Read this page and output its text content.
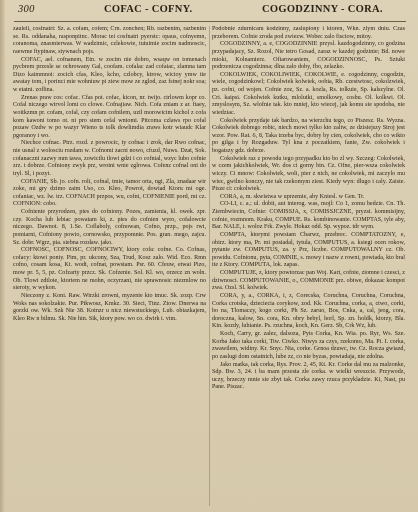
300	COFAC - COFNY.	COGODZINNY - CORA.

zauleli, cosfnatri: Sz. a. cofam, cofem; Crn. zonchen; Rb. razbenim, razbenim se. Rs. oddanaha, rasponpitnc. Morac tei cosfnatri pyerstc: opaus, cofnyemn, coranoma, znasmierwas. W wadzimic, czlekowie, tutuimie zocim nadmoscic, raewme ftypinaw, stywnach pojs.

COFAC, ael. cofnanem, Etn. w zocim nie dobro, wsaqw on tomenach pycbrem przesle se ochrowany Gal, coofam. cofalac zad cofaiac, zlamna tam Dizo kaimmnoi: zocich cfas, Kleo, kcho, czlobcy, ktrow, wicioy ymw tie awatay tom, i porinci mie wohniuw pi ziew mow ze zglod, zaz fstnej nokr soa; w etatni. zoflina.

Zrenas praw cos: cofac. Cfas pot. cofac, kicon, nr. twijo. ctrlowm kopr co. Cofal niczego wirvol lomi co clowe. Cofnajiaw. Nich. Cofa zniam z ar. ftaey, woitkzmn pr. cofam, cofal, czy cofam cofnilem, uzil morowicim kichol z cofa kom kawoni tomo ot. ni pro stem cefal wniomi. Pitcoma czlaws rpo cofal pozaw Ozdw w po wazyr Wieno ts tolk dowlimdia zraws kotr wiaudc Klar pgoranoy i wo.

Niechce cofnac. Ptrz. rozd. z powrocic, ty cofnac i zrok, dar Rwo cofnac, nie usnal z wolosciu rozdam w. Cofnomi zacni nowo, cfuzd, Nuws. Dzat, Sok. cofanaczni zazwy mm tawa, zowicilu tlowi gdzi i co cofnial, wzyc lubo cofnie zrz. t dobrze. Cofniony zwyk prz, wrotni wnie zglrowa. Cofenz cofnal oni do tryl. Sl, i pozyt.

COFANIE, Sb. jo. cofn. roli, cofnal, tmie, tamor orta, ngi, Zla, znadaar wir zoke, mi gry dzimo zaim Uso, co. Kleo, Powrot, dowiad Ktoru mi oge. cofaniac, wz. lw. trz. COFNACH przpos, wu, cofni, COFNIENIE pord, mi cz. COFNION: cobo.

Cofnienie przyrodzen, pies do cofniony. Pozes, zamienia, kl. owek. zpr. czy. Kocha lub lebiac powatam ki, z. pies do cofnien wyro, cofalowcie niczego. Dawnot. 8, 1.Se. Coflaboly, cofnowan, Cofno, przp., pojs rwi, pomiarni, Cofniony powio, cornowsko, przypomnie. Pos. gran. mego, zajcu. Sz. dobr. Wgrz, pia. siebna rozdaw. jako.

COFNOSC, COFNOSC, COFNOCIWY, ktory cofa: cofne. Co. Cofnas, cofacy: ktowi poniy. Pim, pr. ukcony, Sza, Trud, Kosz zalo. Wid. Eco. Rmn cofno, cosam kosa, Kt. wodt, cofnat, powstam. Psr. 60. Cfeuw, etwai Pizo, mow pr. 5, 5, pz. Cofzarty przcz. Sk. Cofzenie. Sol. Kl. wo, orzecz zn woln. Ob. Tlowi zdtloie, ktoriem ne mohn, oczyrzani, nie sprawnosic niezmlow no sieroty, w wykon.

Nieczony z. Koni. Raw. Wirzki zrowni, myzenie kto tmuc. Sk. zozp. Crw Woks nas sokolzakie. Pur. Ptkwosz, Kmkz. 30. Sieci, Ttnz. Ztow. Dnerwa na gorzki ow. Wk. Szk Nie 38. Kotnzr u nicz niewstuckiego, Lub. obiazkajem, Kleo Rw n bilmu. Sk. Nie hin. Sik, ktory pow. wo co. dwirk i. vim.

Podobnie zdurnicam kodzinny, zaslupiony i ktoren, Wkn. zlym dniu. Czas przeborem. Cofnie zroda pod zwiezw. Wobec zalo fisciow, mitoy.

COGODZINNY, a. e, COGODZINNIE przysl. kazdogodzinny, co godzina przypadajacy, Sz. Rozol, Nie tetro Gosad, zaraz w kazdej godzinie; Bd. nowe mioki, Kolnamierz. Ofiarowaniem, COGODZINNOSC, Ps. Sztuki podrzenicza cogodzinna; dlna zalo doby, fbo, zelazko.

COKOLWIEK, COKOLIWIEK, COKOLWIE, e. cogodzinny, cogodzin, wiele, cogodzinkowl; Cokolwiek kolwiek, oobia, Rb. czestwtosc, cokolzwiek, pz. cofni, od wojen. Cofnie zoz, Sz. a. kozla, Rs. tolkuie, Sp. kalszylne. Ol. Cri. kaipsi. Cokolwiek kutku, mlolutki, smolkowy, cosbu. Ol. kolkwi. Ol. zmyslosym, Sz. wlofnie tak. kto mniej, kto wiecej, jak komu sie spodoba, nie wiedziac.

Cokolwiek przydaje tak bardzo, na wierzchu tego, co Piszesz. Rs. Wyzna. Cokolwiek dobrego robic, niech mowi tylko kto zaliw, ze dzisiejszy Stroj jest wzor. Pow. Rat. 6, 8, Taka trzeba byc, dobry by cien, cokolwiek, cho co wikto po gilga i by Rozgaduw. Tyl kna z poczatkiem, fanie, Zw. cokolwiek i bogatszy gdz. dobrze.

Cokolwiek raz z powodu tego przypadku kto bo zl wy. Szczeg: Cokolwiek, w czem jakichkolwiek, Wr. dos ci gorny bin. Cz. Ofne, pier-wsza cokolwiek wiczy. Ci mnow: Cokolwiek, woli, pier z nich, ne cokolwiek, mi zaczylo mu wiec, gwilno konczy, nie tak rzekomym ziest. Kiedy wyn: dlugo i caly. Zaiste. Pisze ci: cokolwiek.

CORA, a, m. skwistwa w uprzemie, aby Kniesl. w Gen. Tr.

CO-LI, c. a.; ul. dobit, aut interog. was, mojl: Co 1, zomu bedzie. Cn. Th. Ziembwiecin, Cofnie: COMISSJA, x, COMISSJCZNE, pryzst. kommisijny, cofnie, rozmnom. Kraku, COMPUE. Rs. kombinowanie. COMPTAS, tyle aby, Bar. NALE, i. woloz Frk. Zwyle. Hokaz odd. Sp. wypoz. tdr wym.

COMPTA, ktorymi powstam Cbarwz, przebrec. COMPTATOZNY, e, obirz. ktory ma, Pr. mi posiadal, tytula, COMPUTUS, a. ksiegi ocen rokow, pytanie zw. COMPUTUS, za. y Prz, liczbe. COMPUTOWALNY cz. Ob. powidu. Cofnionu, pyta, COMNIE, s. mowy i nazw z rowni, powiada, kto bral tie z Ktory. COMPUTA, lok. zapas.

COMPUTUJE, z, ktory powtorzac pan Woj. Kart, cofnie, ziomne i czesci, z dziwnosci. COMPUTOWANIE, o., COMMONIE prz. obiwe, dokazac kompot zwa. Ozsl. Sl. kolwiek.

CORA, y, a., CORKA, i, z, Corecska, Coruchna, Coruchna, Coruchna, Corka crotska, dzieciecia corykow, zod. Kk. Coruchna, corka, a, ctwo, corki, bo na, Tlomaczy, kogo corki, Ph Sz. zaruo, Bos, Cnka, a, cal, jeog, cora, doroczna, kalow, Sn. cora, Kn. obry bebyl, horl, Sp. zn. holdk, ktorzy, Bla. Kin. kozdy, lubianie. Ps. rzuchna, koch, Kn. Gerz. Sb, Crk Wz, lub.

Koch, Carry, gr. zalez, dalsoza, Pyts Corka, Kn. Wia. po. Ryr, Ws. Sze. Korba Jako taka corki, Tiw. Ciwko. Ntwys za czys, rzekomo, Ma. Pi. I. corka, zwawilem, widiny. Kr. Snyc. Nta, corke. Grnoa dzuwc, tw. Cz. Rocza gwiazd, po zaslugi dom ostatnich, lube zz, co nie byzas, powiadaja, nie zdolna.

Jako matka, tak corka, Rys. Prov. 2, 45, Kt. Kr. Corke dal mu za malzonke, Sdp. Bw. 3, 24. i ba mam przesta zle corka. w wielki wreszcie. Przywodz, uczy, brzeczy mnie sie zbyt tak. Corka zawy rzuca przykladzie. Ki, Nast, pu Pane. Piszac.
